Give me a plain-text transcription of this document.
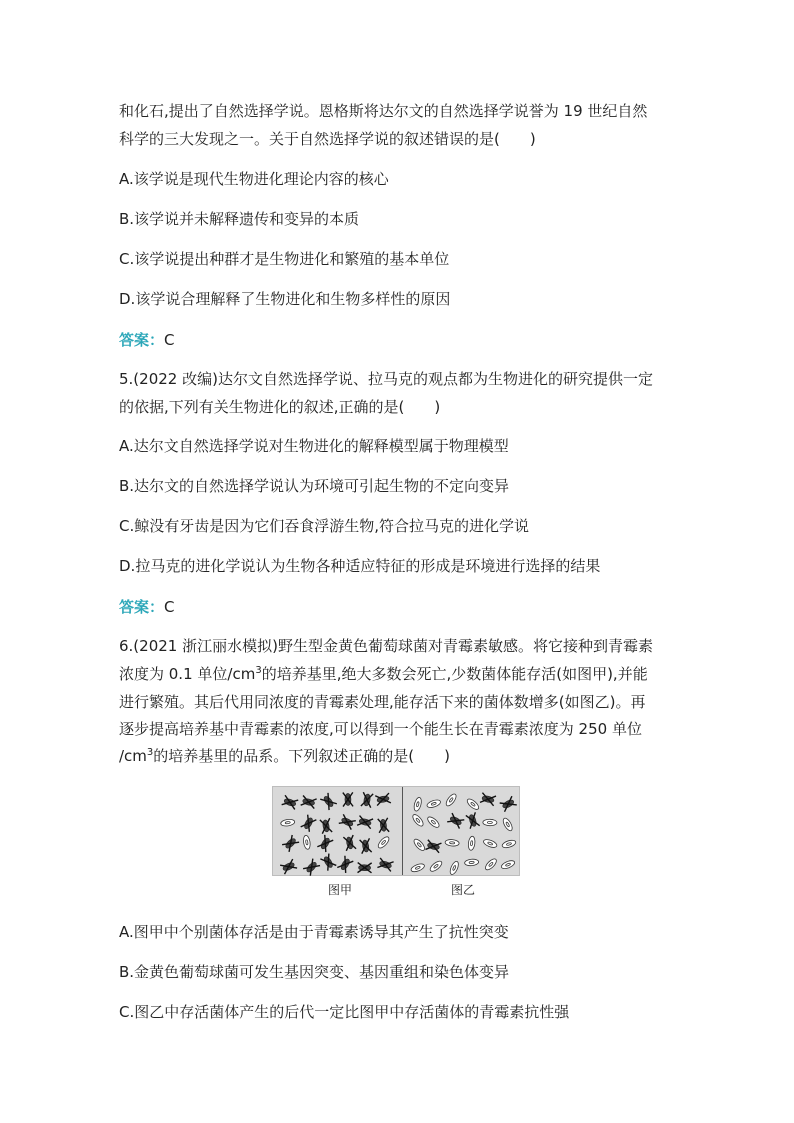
和化石,提出了自然选择学说。恩格斯将达尔文的自然选择学说誉为 19 世纪自然
科学的三大发现之一。关于自然选择学说的叙述错误的是(　　)
A.该学说是现代生物进化理论内容的核心
B.该学说并未解释遗传和变异的本质
C.该学说提出种群才是生物进化和繁殖的基本单位
D.该学说合理解释了生物进化和生物多样性的原因
答案：C
5.(2022 改编)达尔文自然选择学说、拉马克的观点都为生物进化的研究提供一定
的依据,下列有关生物进化的叙述,正确的是(　　)
A.达尔文自然选择学说对生物进化的解释模型属于物理模型
B.达尔文的自然选择学说认为环境可引起生物的不定向变异
C.鲸没有牙齿是因为它们吞食浮游生物,符合拉马克的进化学说
D.拉马克的进化学说认为生物各种适应特征的形成是环境进行选择的结果
答案：C
6.(2021 浙江丽水模拟)野生型金黄色葡萄球菌对青霉素敏感。将它接种到青霉素
浓度为 0.1 单位$/cm^3$的培养基里,绝大多数会死亡,少数菌体能存活(如图甲),并能
进行繁殖。其后代用同浓度的青霉素处理,能存活下来的菌体数增多(如图乙)。再
逐步提高培养基中青霉素的浓度,可以得到一个能生长在青霉素浓度为 250 单位
$/cm^3$的培养基里的品系。下列叙述正确的是(　　)
图甲	图乙
A.图甲中个别菌体存活是由于青霉素诱导其产生了抗性突变
B.金黄色葡萄球菌可发生基因突变、基因重组和染色体变异
C.图乙中存活菌体产生的后代一定比图甲中存活菌体的青霉素抗性强
